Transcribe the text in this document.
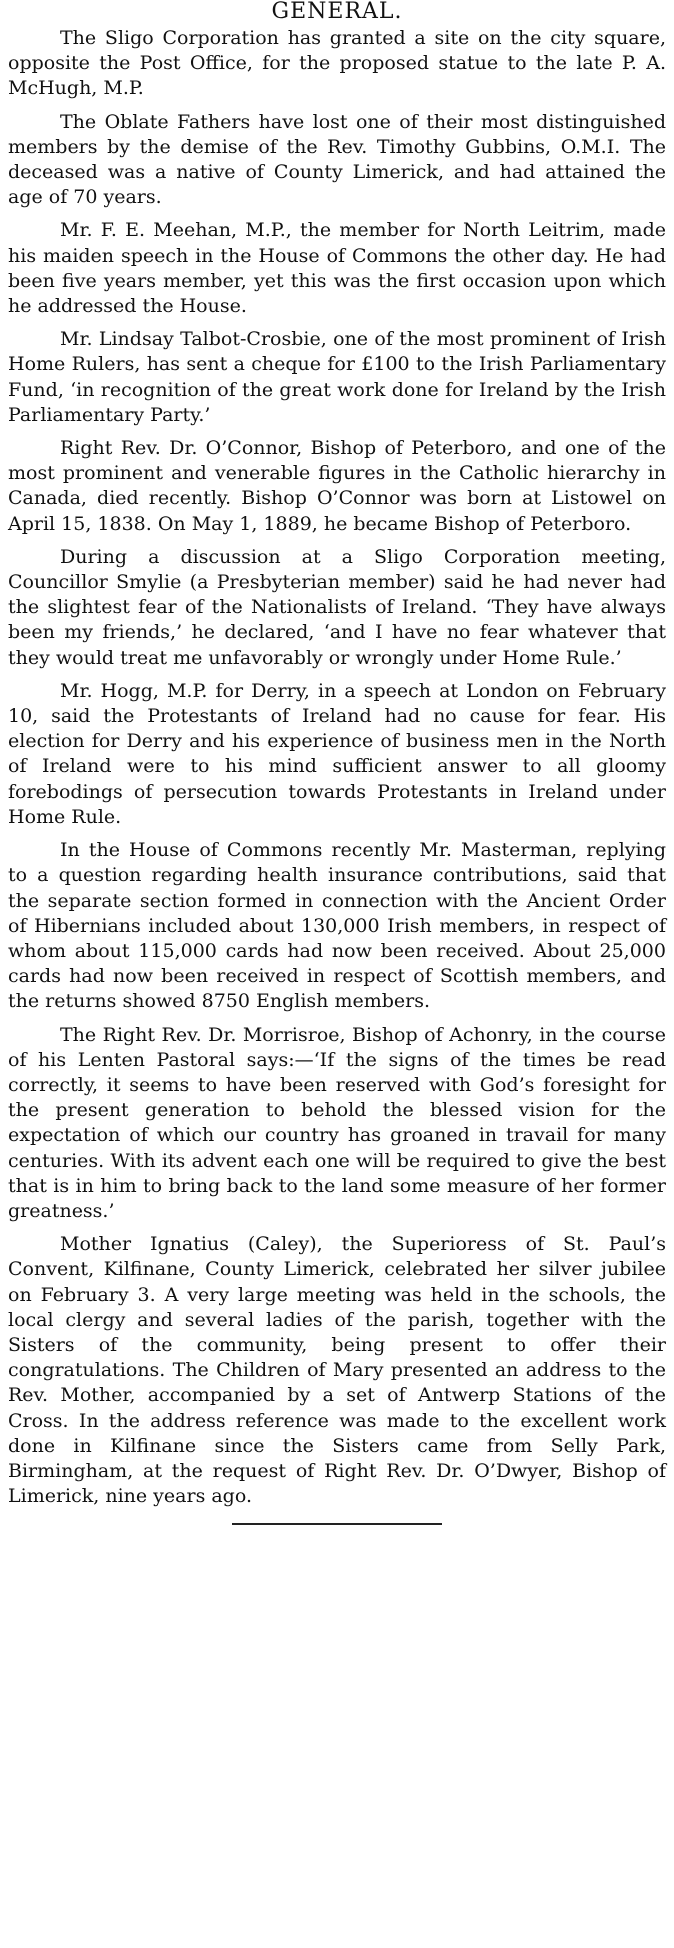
GENERAL.

The Sligo Corporation has granted a site on the city square, opposite the Post Office, for the proposed statue to the late P. A. McHugh, M.P.

The Oblate Fathers have lost one of their most distinguished members by the demise of the Rev. Timothy Gubbins, O.M.I. The deceased was a native of County Limerick, and had attained the age of 70 years.

Mr. F. E. Meehan, M.P., the member for North Leitrim, made his maiden speech in the House of Commons the other day. He had been five years member, yet this was the first occasion upon which he addressed the House.

Mr. Lindsay Talbot-Crosbie, one of the most prominent of Irish Home Rulers, has sent a cheque for £100 to the Irish Parliamentary Fund, ‘in recognition of the great work done for Ireland by the Irish Parliamentary Party.’

Right Rev. Dr. O’Connor, Bishop of Peterboro, and one of the most prominent and venerable figures in the Catholic hierarchy in Canada, died recently. Bishop O’Connor was born at Listowel on April 15, 1838. On May 1, 1889, he became Bishop of Peterboro.

During a discussion at a Sligo Corporation meeting, Councillor Smylie (a Presbyterian member) said he had never had the slightest fear of the Nationalists of Ireland. ‘They have always been my friends,’ he declared, ‘and I have no fear whatever that they would treat me unfavorably or wrongly under Home Rule.’

Mr. Hogg, M.P. for Derry, in a speech at London on February 10, said the Protestants of Ireland had no cause for fear. His election for Derry and his experience of business men in the North of Ireland were to his mind sufficient answer to all gloomy forebodings of persecution towards Protestants in Ireland under Home Rule.

In the House of Commons recently Mr. Masterman, replying to a question regarding health insurance contributions, said that the separate section formed in connection with the Ancient Order of Hibernians included about 130,000 Irish members, in respect of whom about 115,000 cards had now been received. About 25,000 cards had now been received in respect of Scottish members, and the returns showed 8750 English members.

The Right Rev. Dr. Morrisroe, Bishop of Achonry, in the course of his Lenten Pastoral says:—‘If the signs of the times be read correctly, it seems to have been reserved with God’s foresight for the present generation to behold the blessed vision for the expectation of which our country has groaned in travail for many centuries. With its advent each one will be required to give the best that is in him to bring back to the land some measure of her former greatness.’

Mother Ignatius (Caley), the Superioress of St. Paul’s Convent, Kilfinane, County Limerick, celebrated her silver jubilee on February 3. A very large meeting was held in the schools, the local clergy and several ladies of the parish, together with the Sisters of the community, being present to offer their congratulations. The Children of Mary presented an address to the Rev. Mother, accompanied by a set of Antwerp Stations of the Cross. In the address reference was made to the excellent work done in Kilfinane since the Sisters came from Selly Park, Birmingham, at the request of Right Rev. Dr. O’Dwyer, Bishop of Limerick, nine years ago.
